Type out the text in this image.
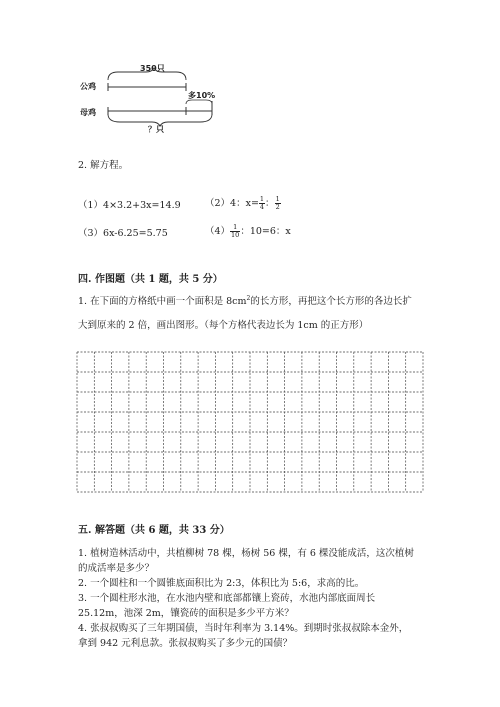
350只
公鸡
母鸡
多10%
？只
2. 解方程。
（1）4×3.2+3x=14.9	（2）4：$x= \frac{1}{4}$ ： $\frac{1}{2}$
（3）6x-6.25=5.75	$(4) \frac{1}{10}$ ：10=6：x
四. 作图题（共 1 题，共 5 分）
1. 在下面的方格纸中画一个面积是 $8cm^2$的长方形，再把这个长方形的各边长扩
大到原来的 2 倍，画出图形。（每个方格代表边长为 1cm 的正方形）
五. 解答题（共 6 题，共 33 分）
1. 植树造林活动中，共植柳树 78 棵，杨树 56 棵，有 6 棵没能成活，这次植树
的成活率是多少？
2. 一个圆柱和一个圆锥底面积比为 2:3，体积比为 5:6，求高的比。
3. 一个圆柱形水池，在水池内壁和底部都镶上瓷砖，水池内部底面周长
25.12m，池深 2m，镶瓷砖的面积是多少平方米？
4. 张叔叔购买了三年期国债，当时年利率为 3.14%。到期时张叔叔除本金外，
拿到 942 元利息款。张叔叔购买了多少元的国债？
